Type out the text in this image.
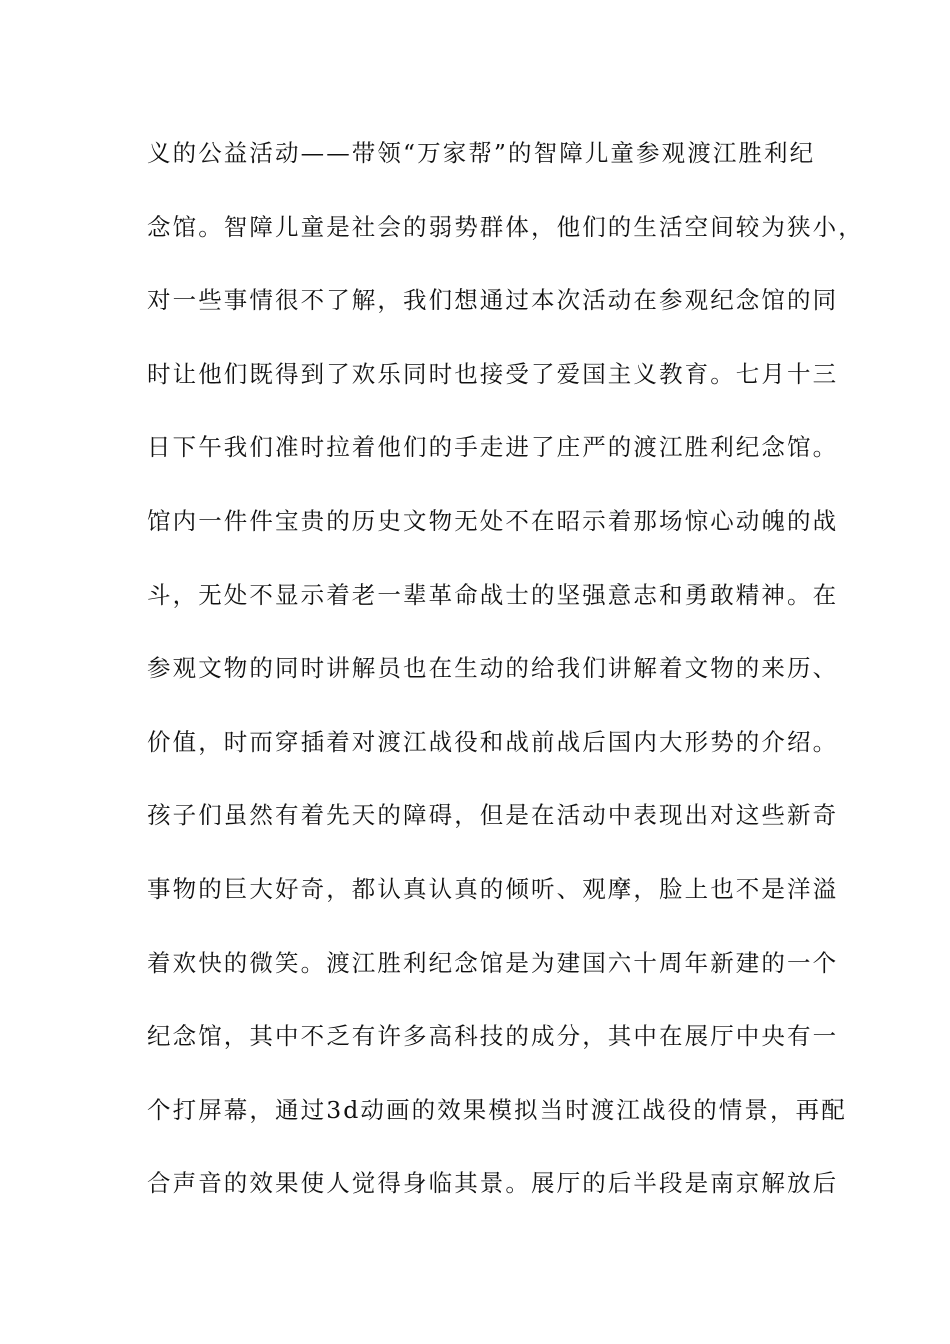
义的公益活动——带领“万家帮”的智障儿童参观渡江胜利纪
念馆。智障儿童是社会的弱势群体，他们的生活空间较为狭小，
对一些事情很不了解，我们想通过本次活动在参观纪念馆的同
时让他们既得到了欢乐同时也接受了爱国主义教育。七月十三
日下午我们准时拉着他们的手走进了庄严的渡江胜利纪念馆。
馆内一件件宝贵的历史文物无处不在昭示着那场惊心动魄的战
斗，无处不显示着老一辈革命战士的坚强意志和勇敢精神。在
参观文物的同时讲解员也在生动的给我们讲解着文物的来历、
价值，时而穿插着对渡江战役和战前战后国内大形势的介绍。
孩子们虽然有着先天的障碍，但是在活动中表现出对这些新奇
事物的巨大好奇，都认真认真的倾听、观摩，脸上也不是洋溢
着欢快的微笑。渡江胜利纪念馆是为建国六十周年新建的一个
纪念馆，其中不乏有许多高科技的成分，其中在展厅中央有一
个打屏幕，通过3d动画的效果模拟当时渡江战役的情景，再配
合声音的效果使人觉得身临其景。展厅的后半段是南京解放后
